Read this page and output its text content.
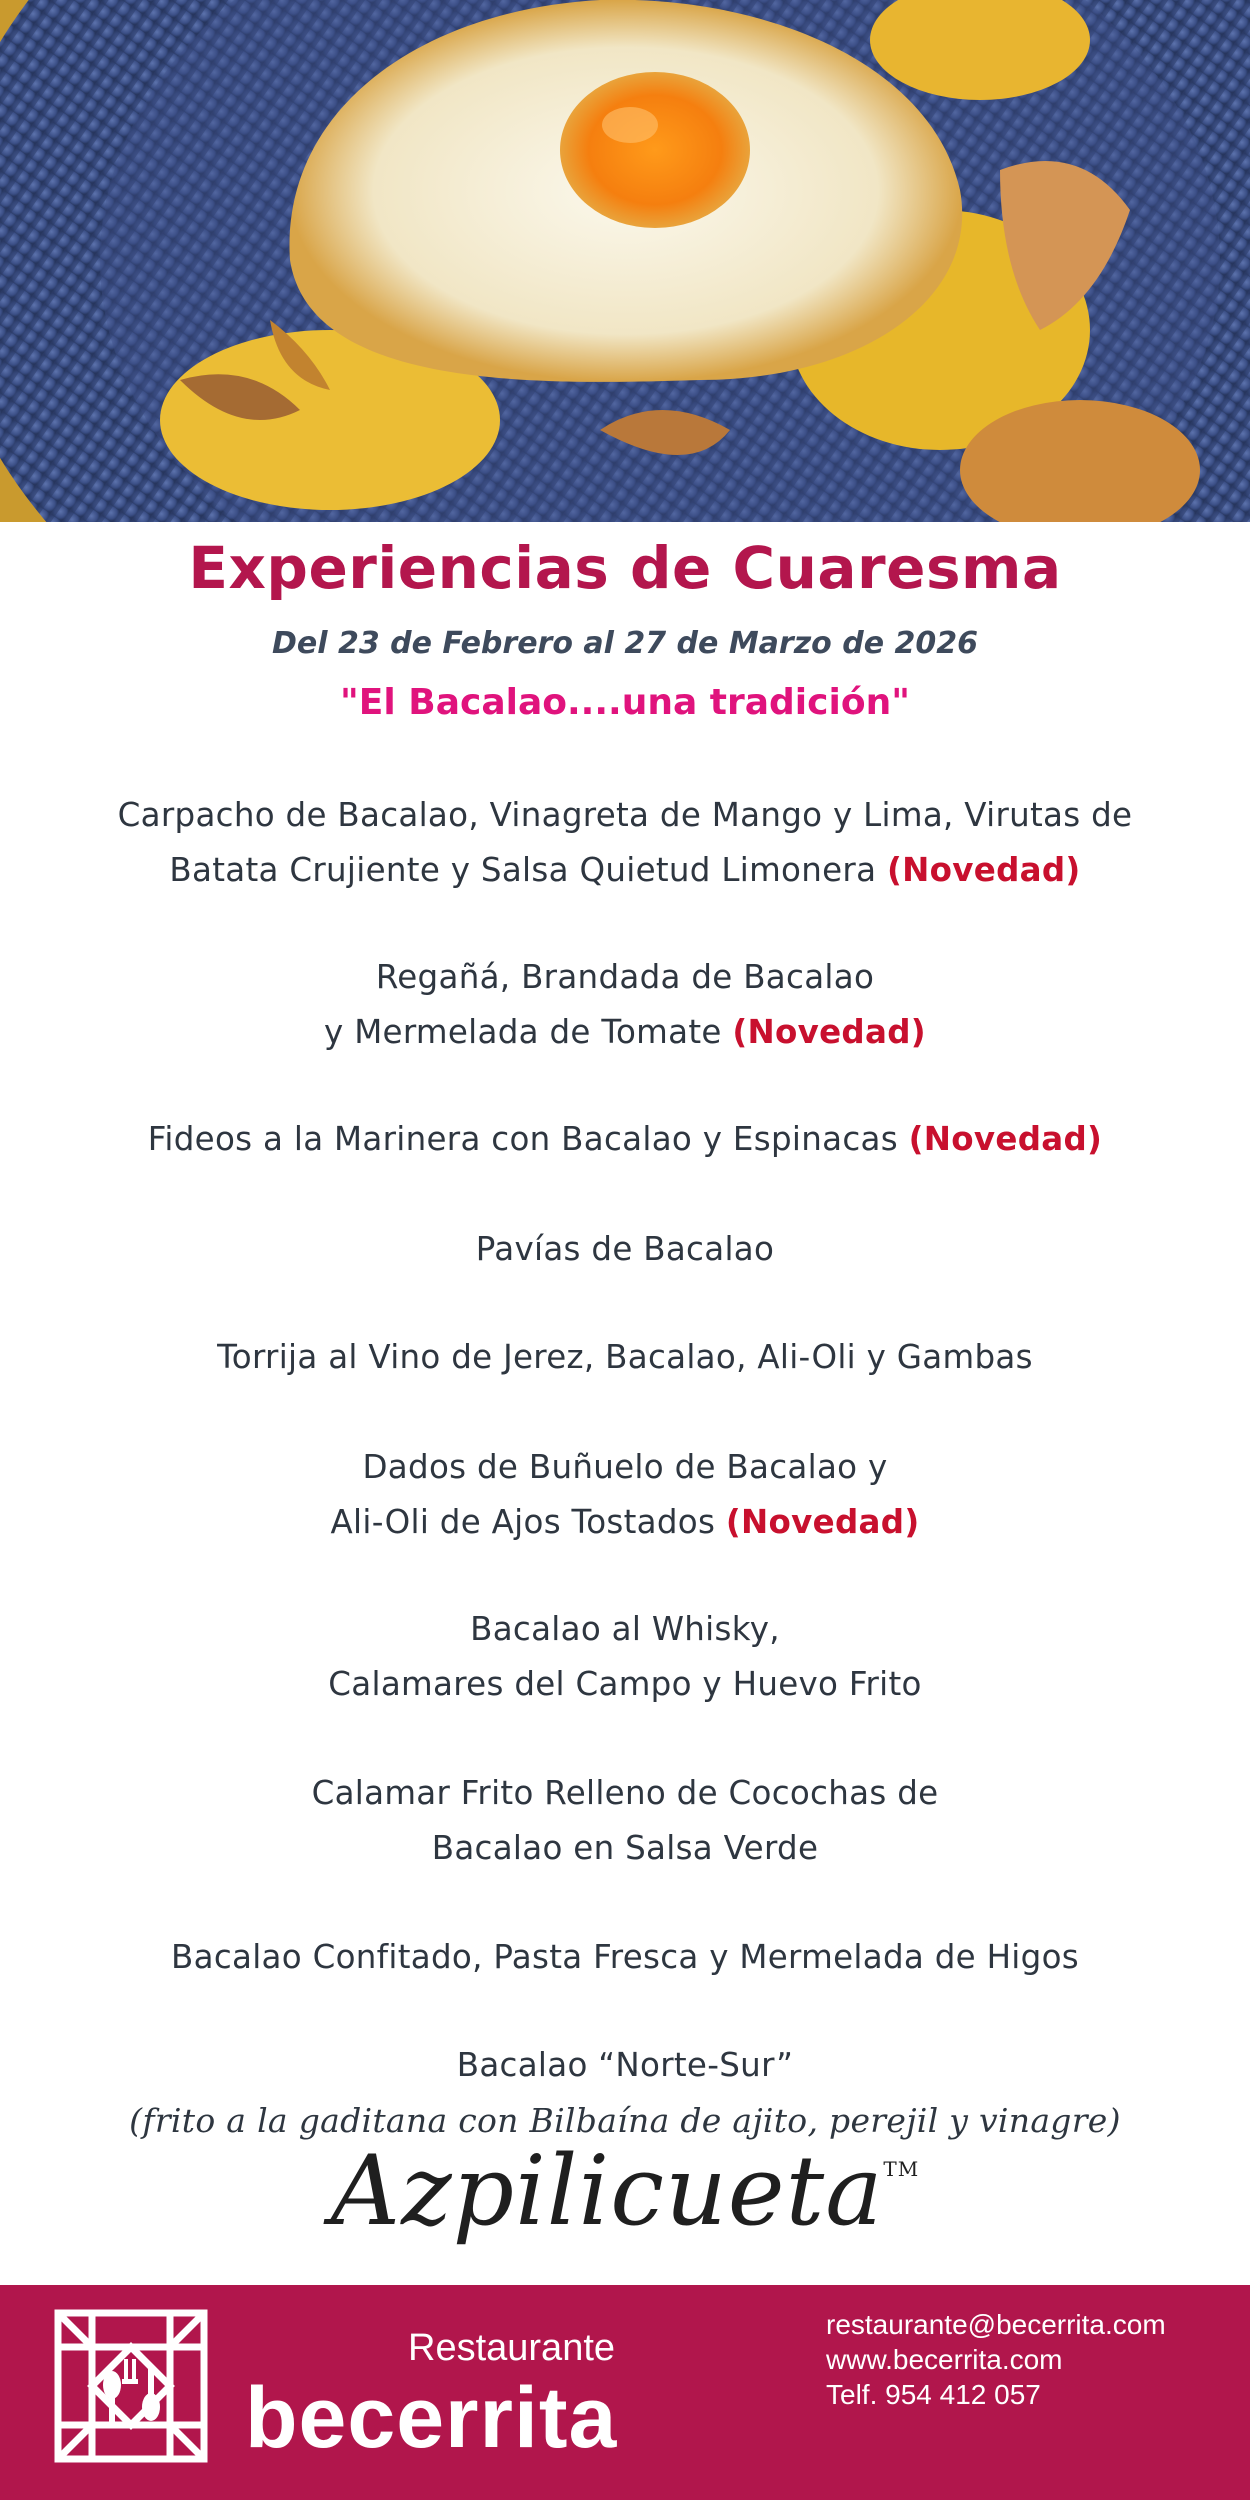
Experiencias de Cuaresma
Del 23 de Febrero al 27 de Marzo de 2026
"El Bacalao....una tradición"
Carpacho de Bacalao, Vinagreta de Mango y Lima, Virutas de
Batata Crujiente y Salsa Quietud Limonera (Novedad)
Regañá, Brandada de Bacalao
y Mermelada de Tomate (Novedad)
Fideos a la Marinera con Bacalao y Espinacas (Novedad)
Pavías de Bacalao
Torrija al Vino de Jerez, Bacalao, Ali-Oli y Gambas
Dados de Buñuelo de Bacalao y
Ali-Oli de Ajos Tostados (Novedad)
Bacalao al Whisky,
Calamares del Campo y Huevo Frito
Calamar Frito Relleno de Cocochas de
Bacalao en Salsa Verde
Bacalao Confitado, Pasta Fresca y Mermelada de Higos
Bacalao “Norte-Sur”
(frito a la gaditana con Bilbaína de ajito, perejil y vinagre)
Azpilicueta™
Restaurante
becerrita
restaurante@becerrita.com
www.becerrita.com
Telf. 954 412 057
